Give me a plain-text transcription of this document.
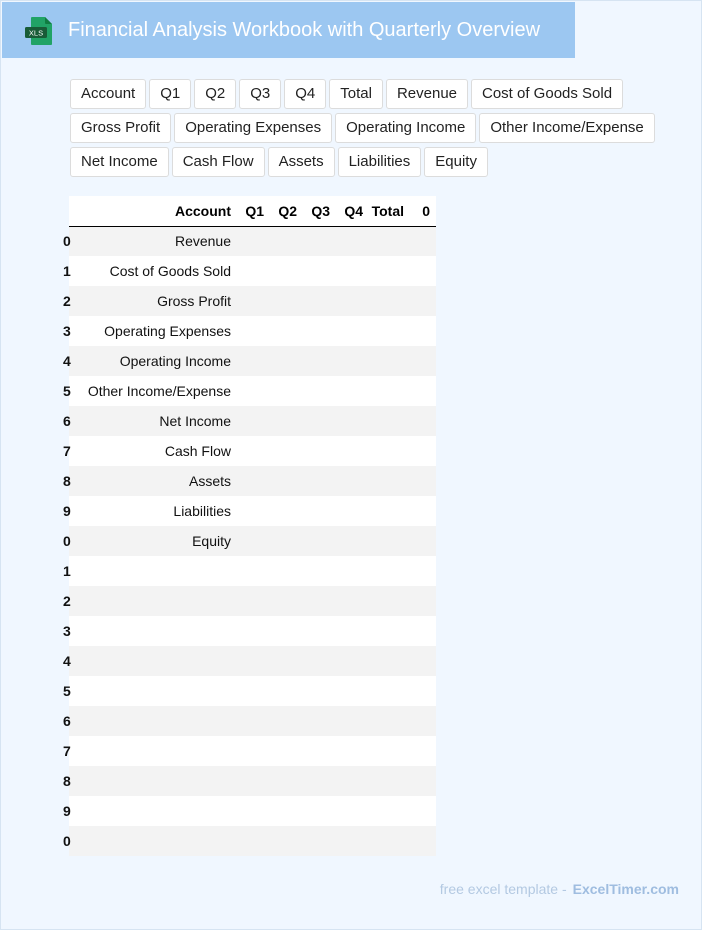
XLS Financial Analysis Workbook with Quarterly Overview
Account	Q1	Q2	Q3	Q4	Total	Revenue	Cost of Goods Sold
Gross Profit	Operating Expenses	Operating Income	Other Income/Expense
Net Income	Cash Flow	Assets	Liabilities	Equity
	Account	Q1	Q2	Q3	Q4	Total	0
0	Revenue						
1	Cost of Goods Sold						
2	Gross Profit						
3	Operating Expenses						
4	Operating Income						
5	Other Income/Expense						
6	Net Income						
7	Cash Flow						
8	Assets						
9	Liabilities						
0	Equity						
1							
2							
3							
4							
5							
6							
7							
8							
9							
0							
free excel template - ExcelTimer.com
